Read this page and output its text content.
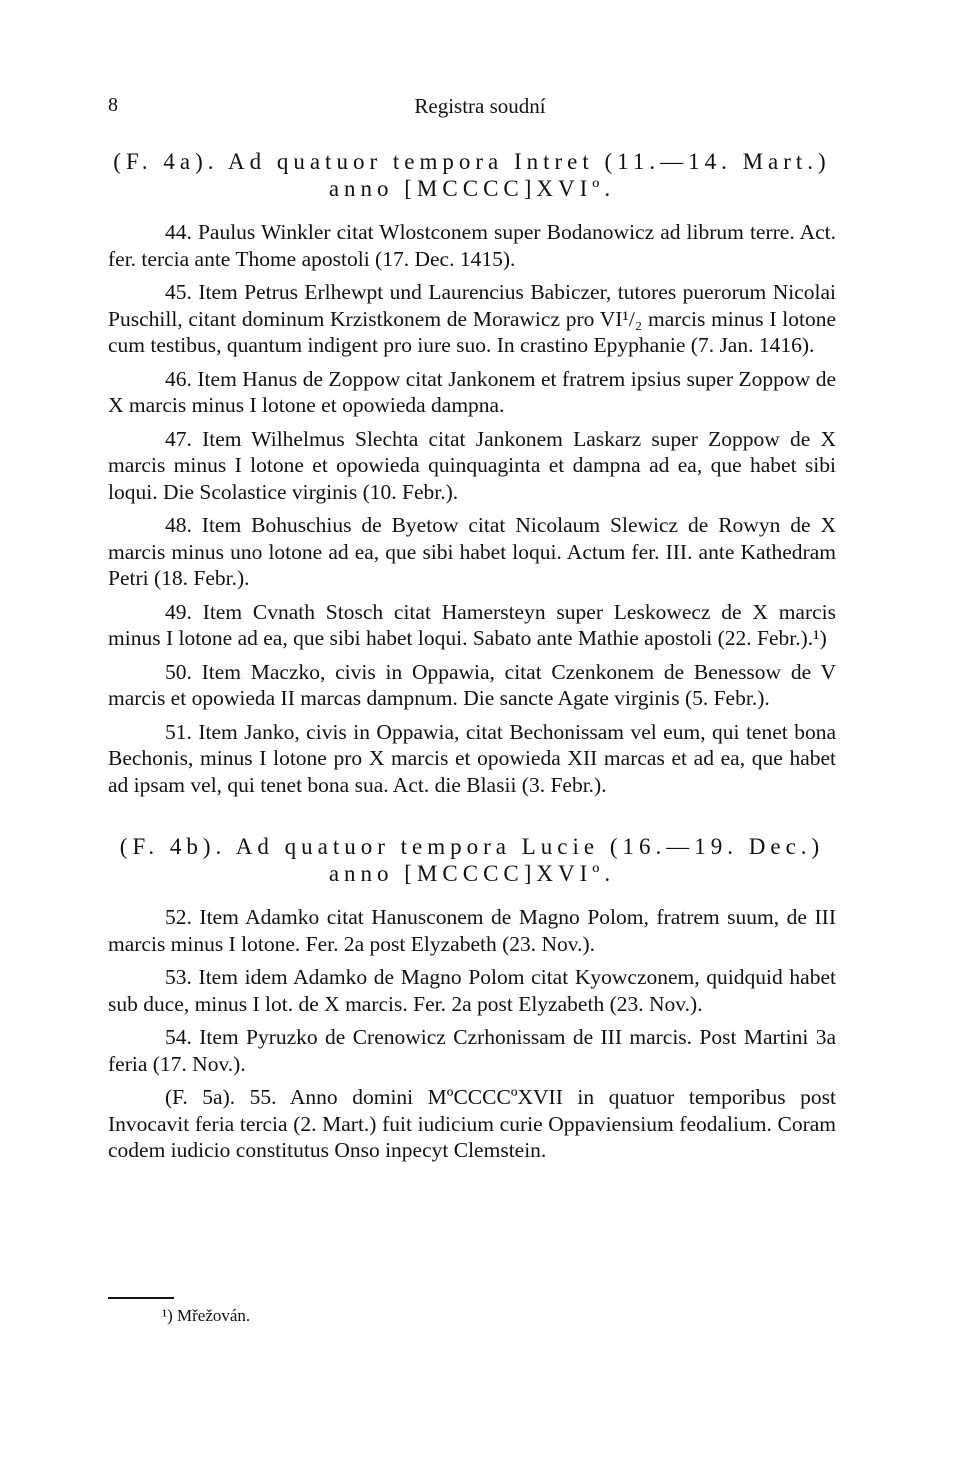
8	Registra soudní
(F. 4a). Ad quatuor tempora Intret (11.—14. Mart.)
anno [MCCCC]XVIº.

44. Paulus Winkler citat Wlostconem super Bodanowicz ad librum terre. Act. fer. tercia ante Thome apostoli (17. Dec. 1415).

45. Item Petrus Erlhewpt und Laurencius Babiczer, tutores puerorum Nicolai Puschill, citant dominum Krzistkonem de Morawicz pro VI¹/₂ marcis minus I lotone cum testibus, quantum indigent pro iure suo. In crastino Epyphanie (7. Jan. 1416).

46. Item Hanus de Zoppow citat Jankonem et fratrem ipsius super Zoppow de X marcis minus I lotone et opowieda dampna.

47. Item Wilhelmus Slechta citat Jankonem Laskarz super Zoppow de X marcis minus I lotone et opowieda quinquaginta et dampna ad ea, que habet sibi loqui. Die Scolastice virginis (10. Febr.).

48. Item Bohuschius de Byetow citat Nicolaum Slewicz de Rowyn de X marcis minus uno lotone ad ea, que sibi habet loqui. Actum fer. III. ante Kathedram Petri (18. Febr.).

49. Item Cvnath Stosch citat Hamersteyn super Leskowecz de X marcis minus I lotone ad ea, que sibi habet loqui. Sabato ante Mathie apostoli (22. Febr.).¹)

50. Item Maczko, civis in Oppawia, citat Czenkonem de Benessow de V marcis et opowieda II marcas dampnum. Die sancte Agate virginis (5. Febr.).

51. Item Janko, civis in Oppawia, citat Bechonissam vel eum, qui tenet bona Bechonis, minus I lotone pro X marcis et opowieda XII marcas et ad ea, que habet ad ipsam vel, qui tenet bona sua. Act. die Blasii (3. Febr.).

(F. 4b). Ad quatuor tempora Lucie (16.—19. Dec.)
anno [MCCCC]XVIº.

52. Item Adamko citat Hanusconem de Magno Polom, fratrem suum, de III marcis minus I lotone. Fer. 2a post Elyzabeth (23. Nov.).

53. Item idem Adamko de Magno Polom citat Kyowczonem, quidquid habet sub duce, minus I lot. de X marcis. Fer. 2a post Elyzabeth (23. Nov.).

54. Item Pyruzko de Crenowicz Czrhonissam de III marcis. Post Martini 3a feria (17. Nov.).

(F. 5a). 55. Anno domini MºCCCCºXVII in quatuor temporibus post Invocavit feria tercia (2. Mart.) fuit iudicium curie Oppaviensium feodalium. Coram codem iudicio constitutus Onso inpecyt Clemstein.

¹) Mřežován.
